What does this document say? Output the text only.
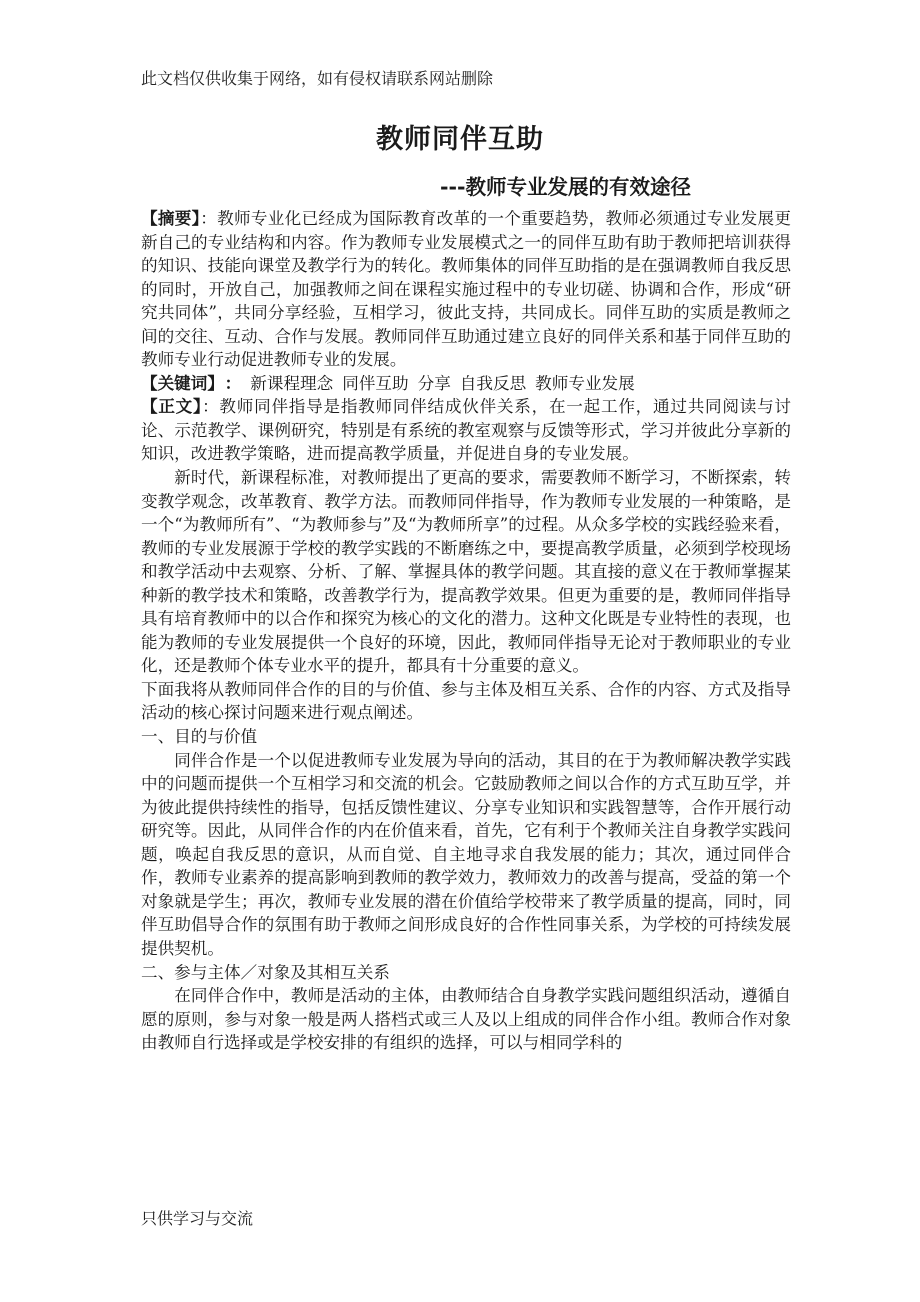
此文档仅供收集于网络，如有侵权请联系网站删除
教师同伴互助
---教师专业发展的有效途径

【摘要】：教师专业化已经成为国际教育改革的一个重要趋势，教师必须通过专业发展更新自己的专业结构和内容。作为教师专业发展模式之一的同伴互助有助于教师把培训获得的知识、技能向课堂及教学行为的转化。教师集体的同伴互助指的是在强调教师自我反思的同时，开放自己，加强教师之间在课程实施过程中的专业切磋、协调和合作，形成“研究共同体”，共同分享经验，互相学习，彼此支持，共同成长。同伴互助的实质是教师之间的交往、互动、合作与发展。教师同伴互助通过建立良好的同伴关系和基于同伴互助的教师专业行动促进教师专业的发展。

【关键词】 ： 新课程理念 同伴互助 分享 自我反思 教师专业发展

【正文】：教师同伴指导是指教师同伴结成伙伴关系，在一起工作，通过共同阅读与讨论、示范教学、课例研究，特别是有系统的教室观察与反馈等形式，学习并彼此分享新的知识，改进教学策略，进而提高教学质量，并促进自身的专业发展。

新时代，新课程标准，对教师提出了更高的要求，需要教师不断学习，不断探索，转变教学观念，改革教育、教学方法。而教师同伴指导，作为教师专业发展的一种策略，是一个“为教师所有”、“为教师参与”及“为教师所享”的过程。从众多学校的实践经验来看，教师的专业发展源于学校的教学实践的不断磨练之中，要提高教学质量，必须到学校现场和教学活动中去观察、分析、了解、掌握具体的教学问题。其直接的意义在于教师掌握某种新的教学技术和策略，改善教学行为，提高教学效果。但更为重要的是，教师同伴指导具有培育教师中的以合作和探究为核心的文化的潜力。这种文化既是专业特性的表现，也能为教师的专业发展提供一个良好的环境，因此，教师同伴指导无论对于教师职业的专业化，还是教师个体专业水平的提升，都具有十分重要的意义。

下面我将从教师同伴合作的目的与价值、参与主体及相互关系、合作的内容、方式及指导活动的核心探讨问题来进行观点阐述。

一、目的与价值

同伴合作是一个以促进教师专业发展为导向的活动，其目的在于为教师解决教学实践中的问题而提供一个互相学习和交流的机会。它鼓励教师之间以合作的方式互助互学，并为彼此提供持续性的指导，包括反馈性建议、分享专业知识和实践智慧等，合作开展行动研究等。因此，从同伴合作的内在价值来看，首先，它有利于个教师关注自身教学实践问题，唤起自我反思的意识，从而自觉、自主地寻求自我发展的能力；其次，通过同伴合作，教师专业素养的提高影响到教师的教学效力，教师效力的改善与提高，受益的第一个对象就是学生；再次，教师专业发展的潜在价值给学校带来了教学质量的提高，同时，同伴互助倡导合作的氛围有助于教师之间形成良好的合作性同事关系，为学校的可持续发展提供契机。

二、参与主体／对象及其相互关系

在同伴合作中，教师是活动的主体，由教师结合自身教学实践问题组织活动，遵循自愿的原则，参与对象一般是两人搭档式或三人及以上组成的同伴合作小组。教师合作对象由教师自行选择或是学校安排的有组织的选择，可以与相同学科的

只供学习与交流
